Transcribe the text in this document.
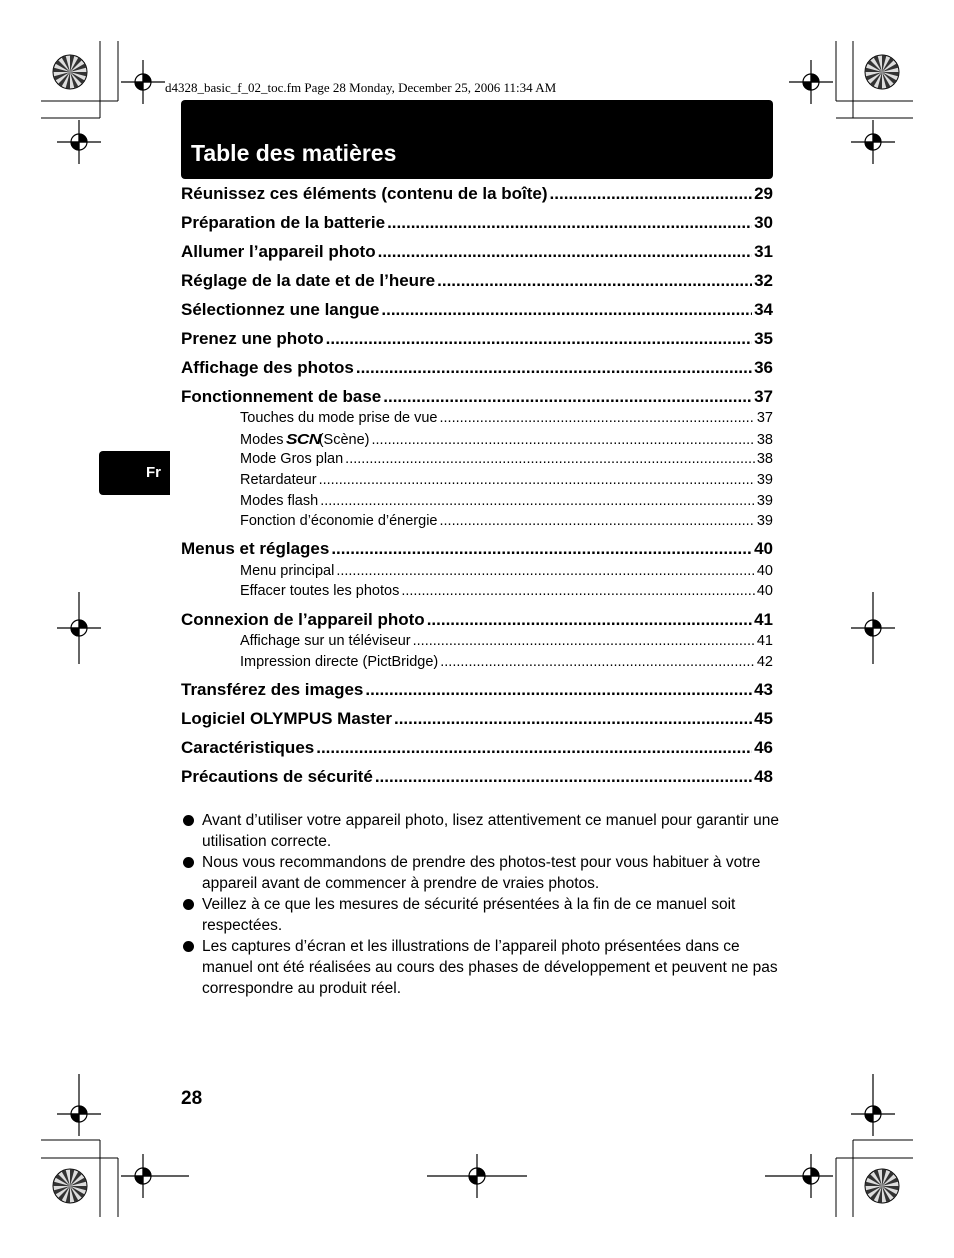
d4328_basic_f_02_toc.fm Page 28 Monday, December 25, 2006 11:34 AM
Table des matières
Fr
Réunissez ces éléments (contenu de la boîte) .....	29
Préparation de la batterie .....	30
Allumer l’appareil photo .....	31
Réglage de la date et de l’heure .....	32
Sélectionnez une langue .....	34
Prenez une photo .....	35
Affichage des photos .....	36
Fonctionnement de base .....	37
Touches du mode prise de vue .....	37
Modes SCN(Scène) .....	38
Mode Gros plan .....	38
Retardateur .....	39
Modes flash .....	39
Fonction d’économie d’énergie .....	39
Menus et réglages .....	40
Menu principal .....	40
Effacer toutes les photos .....	40
Connexion de l’appareil photo .....	41
Affichage sur un téléviseur .....	41
Impression directe (PictBridge) .....	42
Transférez des images .....	43
Logiciel OLYMPUS Master .....	45
Caractéristiques .....	46
Précautions de sécurité .....	48
Avant d’utiliser votre appareil photo, lisez attentivement ce manuel pour garantir une utilisation correcte.
Nous vous recommandons de prendre des photos-test pour vous habituer à votre appareil avant de commencer à prendre de vraies photos.
Veillez à ce que les mesures de sécurité présentées à la fin de ce manuel soit respectées.
Les captures d’écran et les illustrations de l’appareil photo présentées dans ce manuel ont été réalisées au cours des phases de développement et peuvent ne pas correspondre au produit réel.
28
